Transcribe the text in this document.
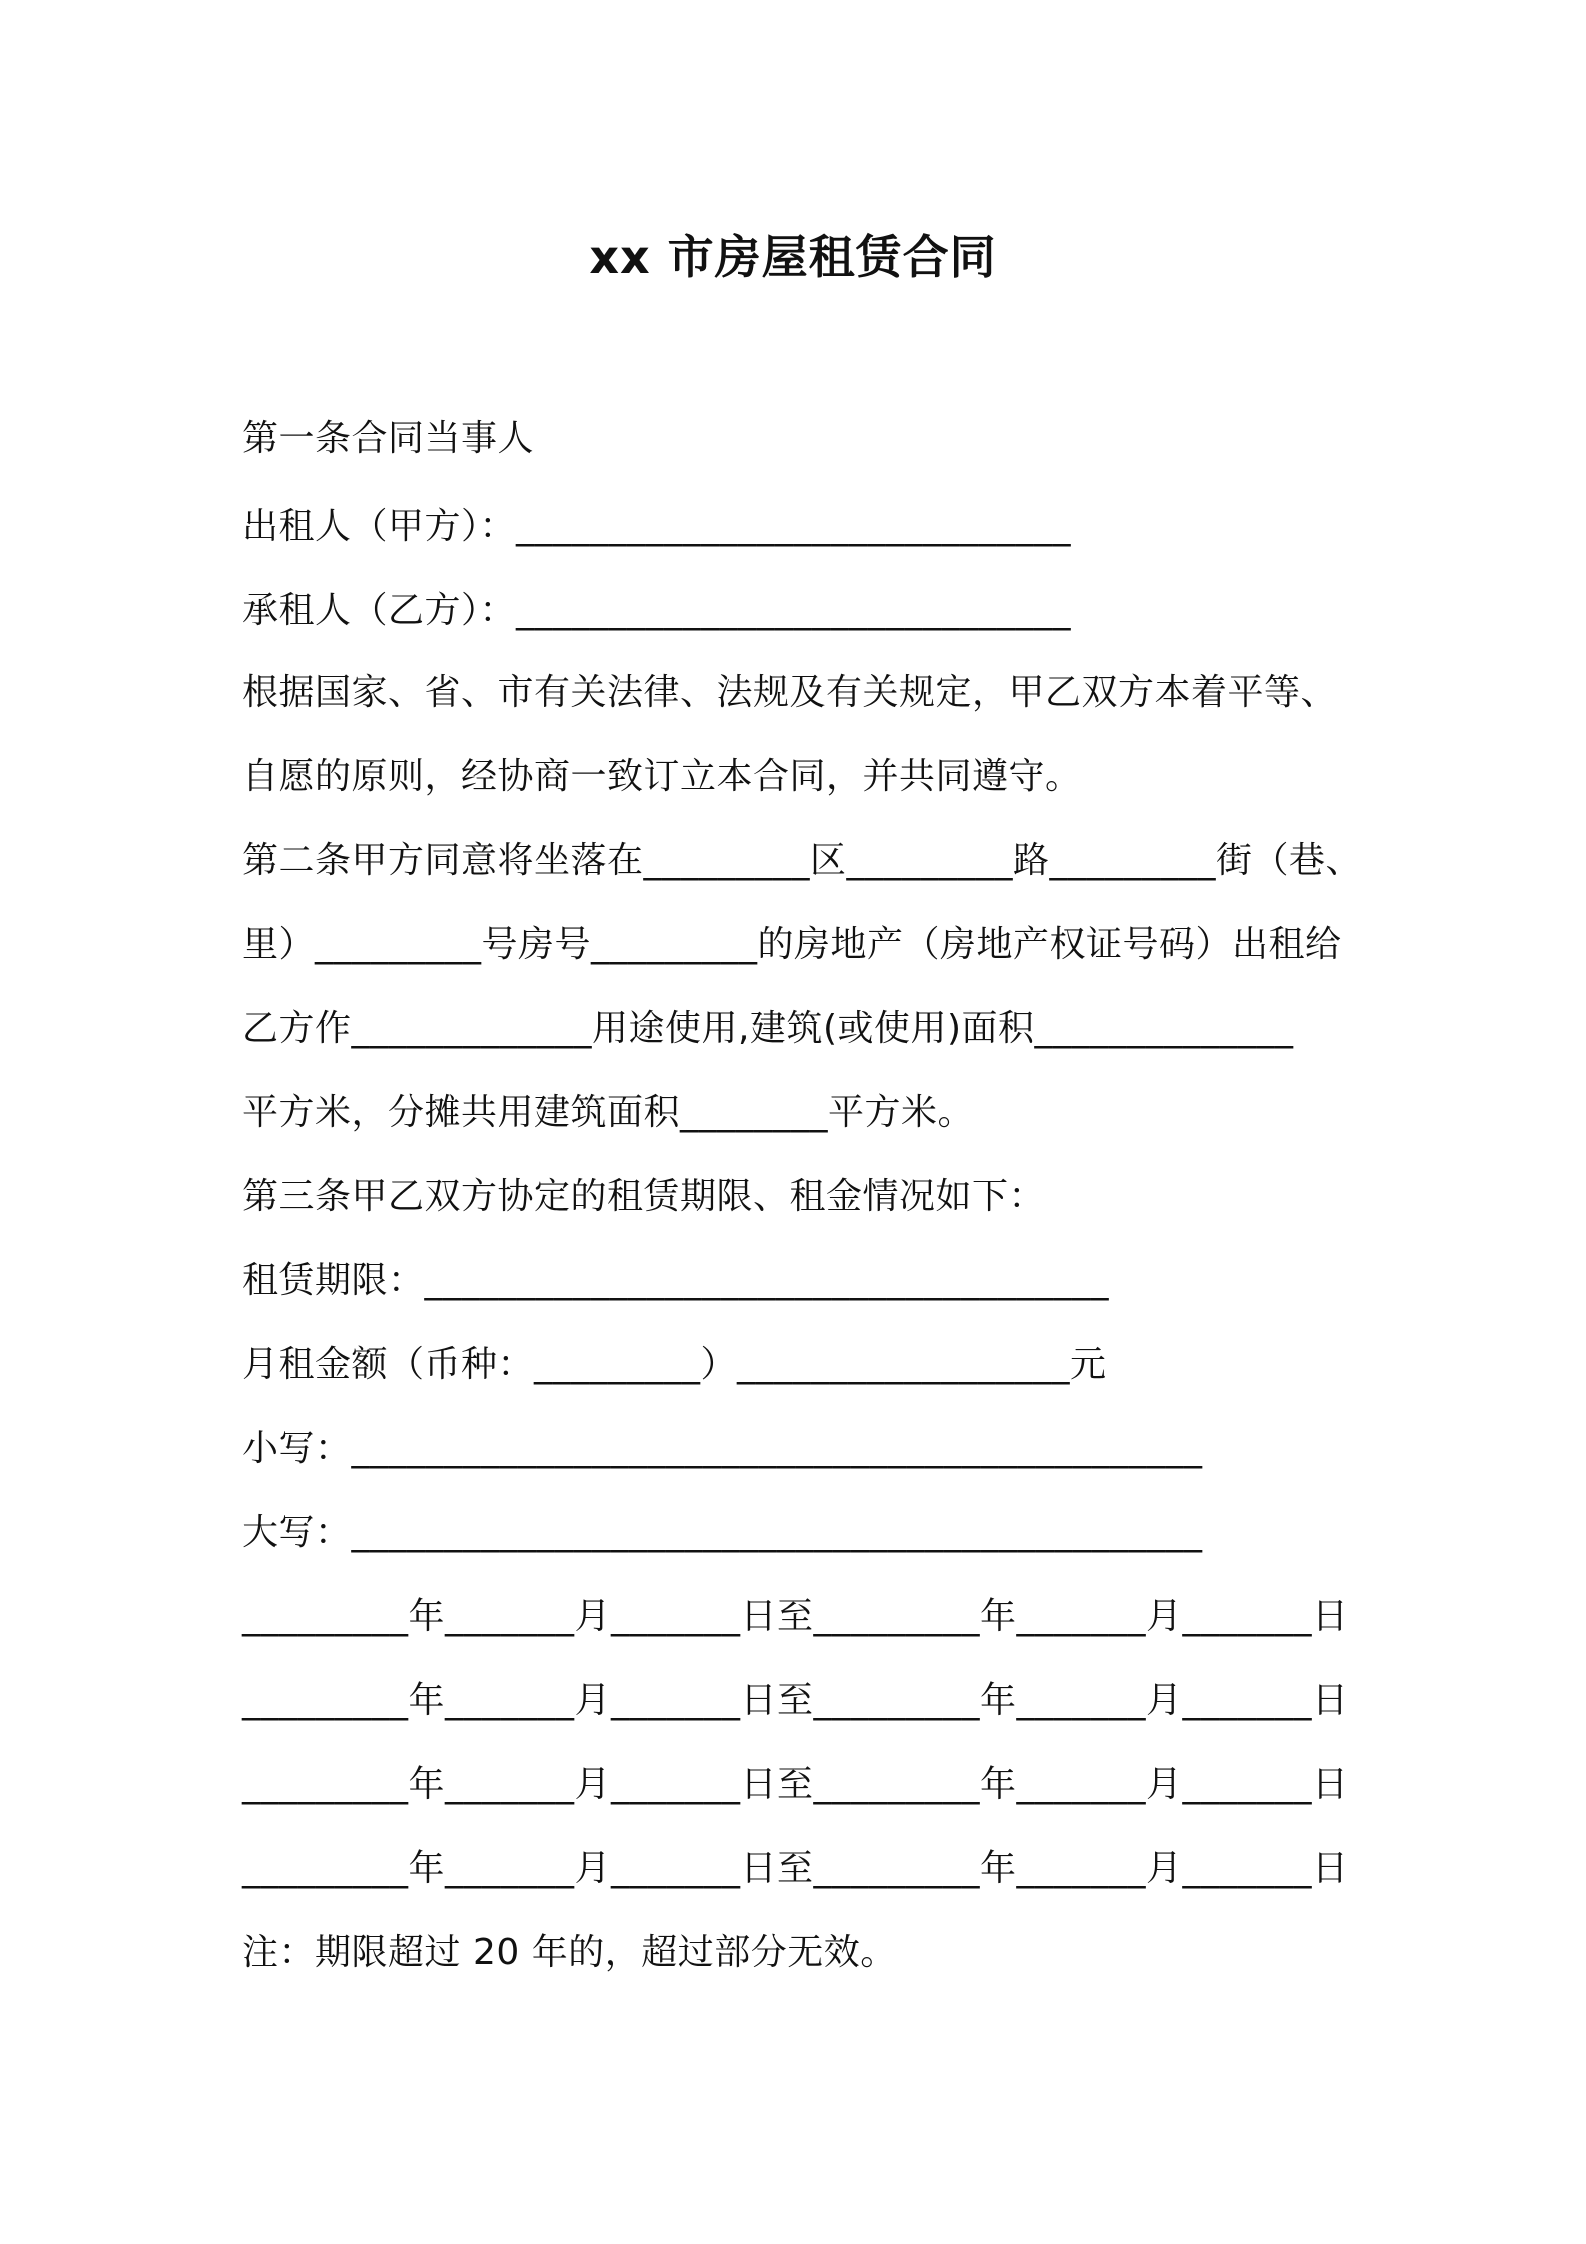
xx 市房屋租赁合同
第一条合同当事人
出租人（甲方）：______________________________
承租人（乙方）：______________________________
根据国家、省、市有关法律、法规及有关规定，甲乙双方本着平等、
自愿的原则，经协商一致订立本合同，并共同遵守。
第二条甲方同意将坐落在_________区_________路_________街（巷、
里）_________号房号_________的房地产（房地产权证号码）出租给
乙方作_____________用途使用,建筑(或使用)面积______________
平方米，分摊共用建筑面积________平方米。
第三条甲乙双方协定的租赁期限、租金情况如下：
租赁期限：_____________________________________
月租金额（币种：_________）__________________元
小写：______________________________________________
大写：______________________________________________
_________年_______月_______日至_________年_______月_______日
_________年_______月_______日至_________年_______月_______日
_________年_______月_______日至_________年_______月_______日
_________年_______月_______日至_________年_______月_______日
注：期限超过 20 年的，超过部分无效。
